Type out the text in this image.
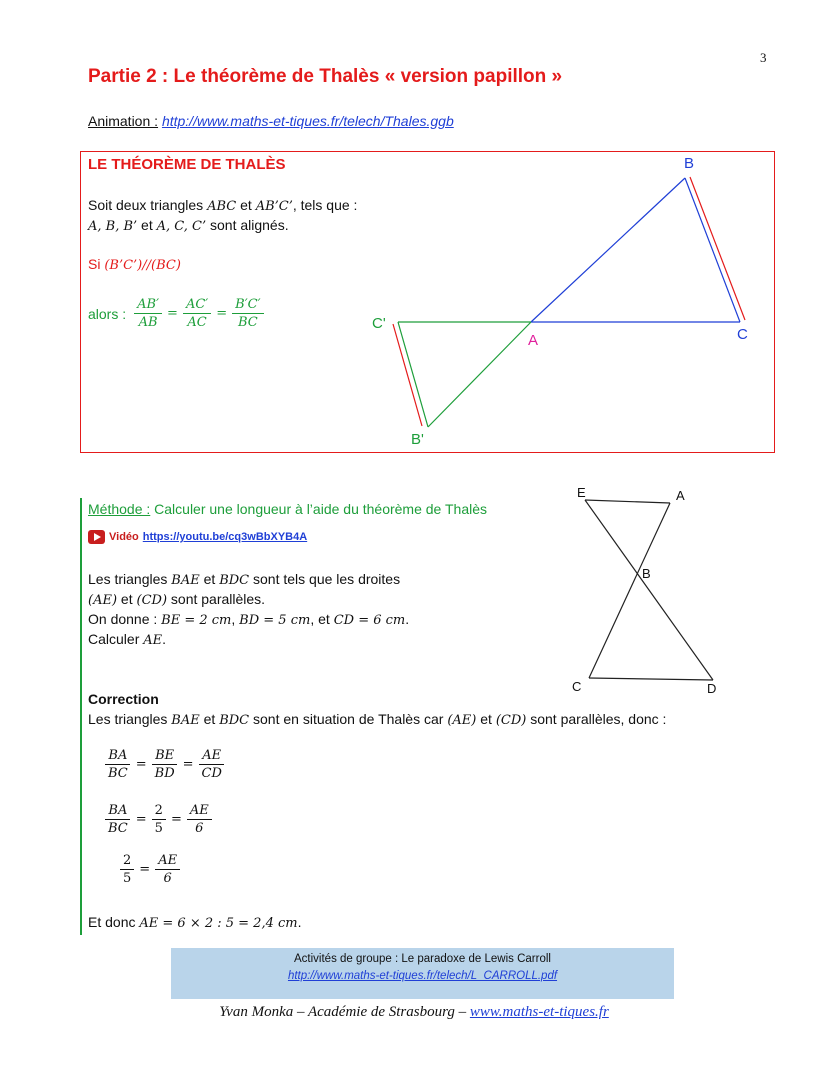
3
Partie 2 : Le théorème de Thalès « version papillon »
Animation : http://www.maths-et-tiques.fr/telech/Thales.ggb
LE THÉORÈME DE THALÈS
Soit deux triangles ABC et AB’C’, tels que :
A, B, B’ et A, C, C’ sont alignés.
Si (B’C’)//(BC)
alors : $\frac{AB'}{AB} = \frac{AC'}{AC} = \frac{B'C'}{BC}$
B
C
A
C'
B'
Méthode : Calculer une longueur à l’aide du théorème de Thalès
Vidéo https://youtu.be/cq3wBbXYB4A
Les triangles BAE et BDC sont tels que les droites
(AE) et (CD) sont parallèles.
On donne : BE = 2 cm, BD = 5 cm, et CD = 6 cm.
Calculer AE.
E	A
B
C	D
Correction
Les triangles BAE et BDC sont en situation de Thalès car (AE) et (CD) sont parallèles, donc :
$\frac{BA}{BC} = \frac{BE}{BD} = \frac{AE}{CD}$
$\frac{BA}{BC} = \frac{2}{5} = \frac{AE}{6}$
$\frac{2}{5} = \frac{AE}{6}$
Et donc AE = 6 × 2 : 5 = 2,4 cm.
Activités de groupe : Le paradoxe de Lewis Carroll
http://www.maths-et-tiques.fr/telech/L_CARROLL.pdf
Yvan Monka – Académie de Strasbourg – www.maths-et-tiques.fr
